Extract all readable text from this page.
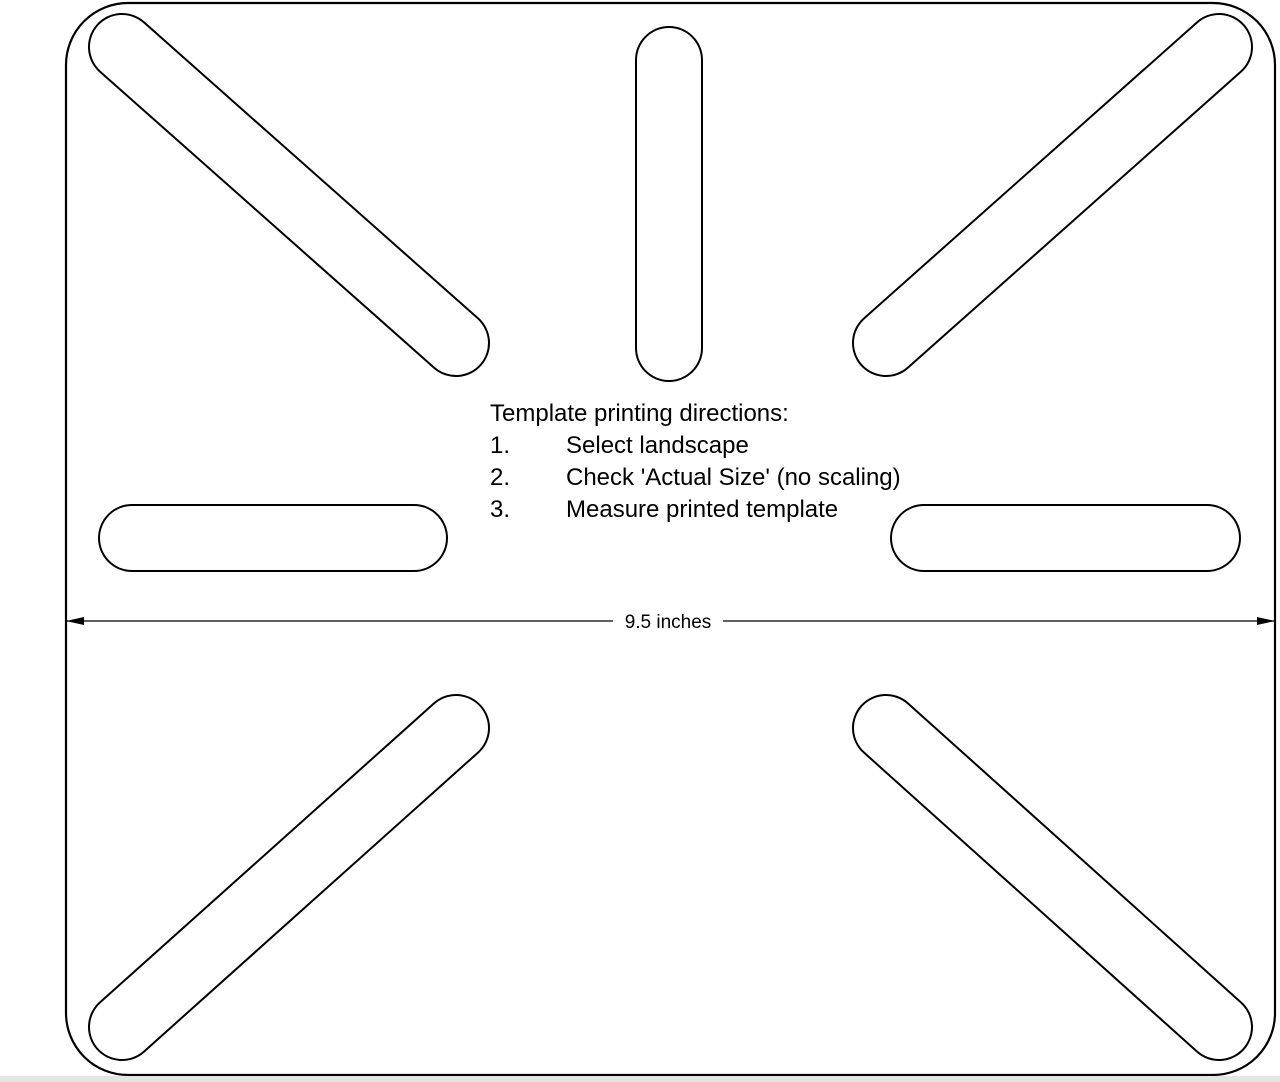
9.5 inches
Template printing directions:
1.	Select landscape
2.	Check 'Actual Size' (no scaling)
3.	Measure printed template
